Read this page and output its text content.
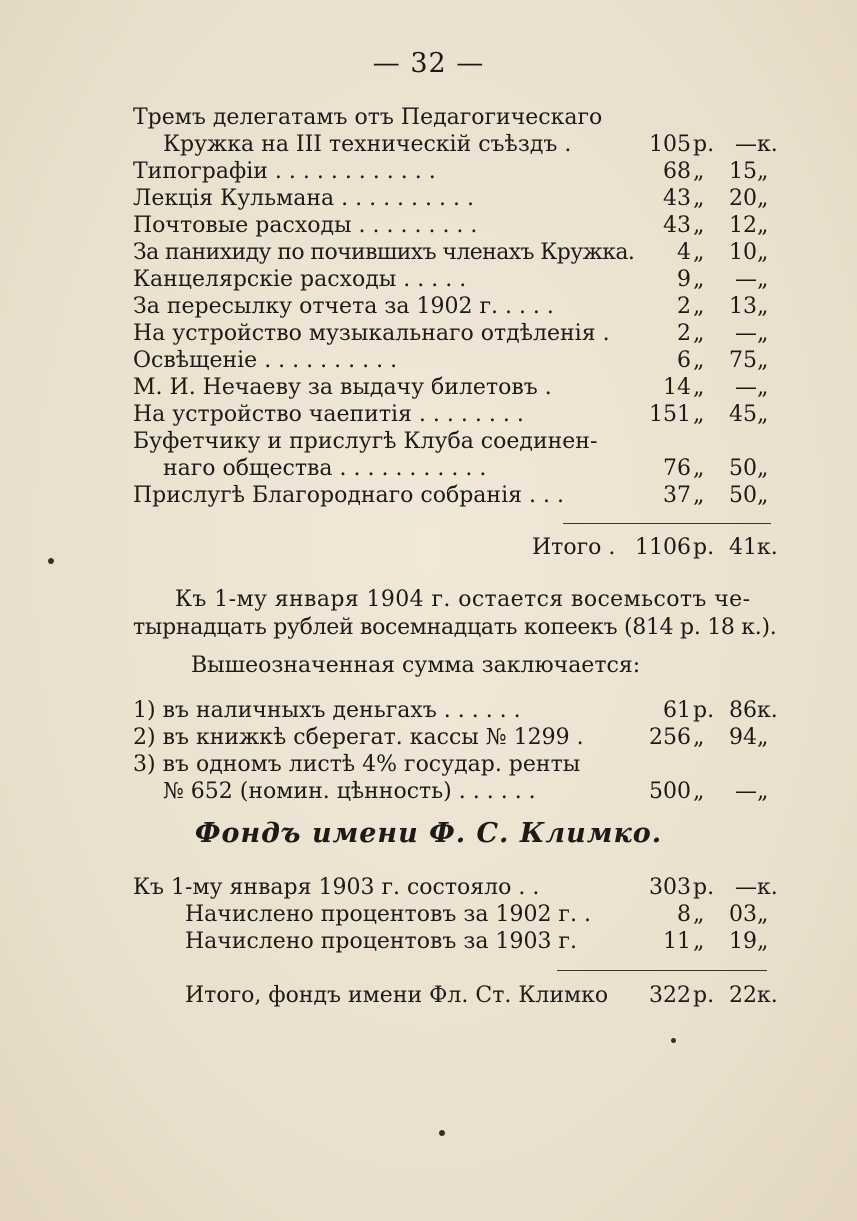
— 32 —
Тремъ делегатамъ отъ Педагогическаго
Кружка на III техническій съѣздъ .	105 р. — к.
Типографіи . . . . . . . . . . . .	68 „	15 „
Лекція Кульмана . . . . . . . . . .	43 „	20 „
Почтовые расходы . . . . . . . . .	43 „	12 „
За панихиду по почившихъ членахъ Кружка.	4 „	10 „
Канцелярскіе расходы . . . . .	9 „	— „
За пересылку отчета за 1902 г. . . . .	2 „	13 „
На устройство музыкальнаго отдѣленія .	2 „	— „
Освѣщеніе . . . . . . . . . .	6 „	75 „
М. И. Нечаеву за выдачу билетовъ .	14 „	— „
На устройство чаепитія . . . . . . . .	151 „	45 „
Буфетчику и прислугѣ Клуба соединен-
наго общества . . . . . . . . . . .	76 „	50 „
Прислугѣ Благороднаго собранія . . .	37 „	50 „
Итого . 1106 р. 41 к.
Къ 1-му января 1904 г. остается восемьсотъ че-
тырнадцать рублей восемнадцать копеекъ (814 р. 18 к.).
Вышеозначенная сумма заключается:
1) въ наличныхъ деньгахъ . . . . . .	61 р. 86 к.
2) въ книжкѣ сберегат. кассы № 1299 .	256 „	94 „
3) въ одномъ листѣ 4% государ. ренты
№ 652 (номин. цѣнность) . . . . . .	500 „	— „
Фондъ имени Ф. С. Климко.
Къ 1-му января 1903 г. состояло . .	303 р. — к.
Начислено процентовъ за 1902 г. .	8 „	03 „
Начислено процентовъ за 1903 г.	11 „	19 „
Итого, фондъ имени Фл. Ст. Климко	322 р. 22 к.
